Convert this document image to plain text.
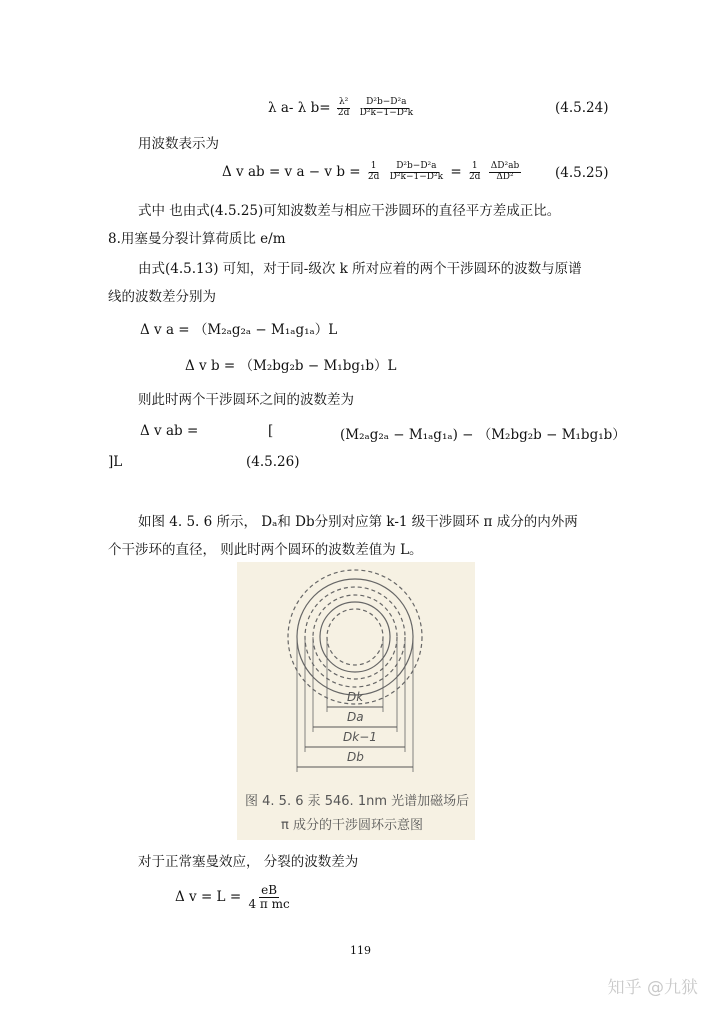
λ a- λ $b= \frac{\text{λ²}}{2d}$
$\frac{\text{D²b−D²a}}{\text{D²k−1−D²k}}$	(4.5.24)
用波数表示为
Δ v ab = v a − v $b = \frac{1}{2d}$
$\frac{\text{D²b−D²a}}{\text{D²k−1−D²k}} = \frac{1}{2d}$
$\frac{\text{ΔD²ab}}{\text{ΔD²}}$	(4.5.25)
式中 也由式(4.5.25)可知波数差与相应干涉圆环的直径平方差成正比。
8.用塞曼分裂计算荷质比 e/m
由式(4.5.13) 可知，对于同-级次 k 所对应着的两个干涉圆环的波数与原谱
线的波数差分别为
Δ v a = （M₂ₐg₂ₐ − M₁ₐg₁ₐ）L
Δ v b = （M₂bg₂b − M₁bg₁b）L
则此时两个干涉圆环之间的波数差为
Δ v ab =	[	(M₂ₐg₂ₐ − M₁ₐg₁ₐ) − （M₂bg₂b − M₁bg₁b）
]L	(4.5.26)
如图 4. 5. 6 所示， Dₐ和 Db分别对应第 k-1 级干涉圆环 π 成分的内外两
个干涉环的直径， 则此时两个圆环的波数差值为 L。
Dk
Da
Dk−1
Db
图 4. 5. 6 汞 546. 1nm 光谱加磁场后
π 成分的干涉圆环示意图
对于正常塞曼效应， 分裂的波数差为
Δ $v = L = \frac{eB}{\text{4 π mc}}$
119
知乎 @九狱
